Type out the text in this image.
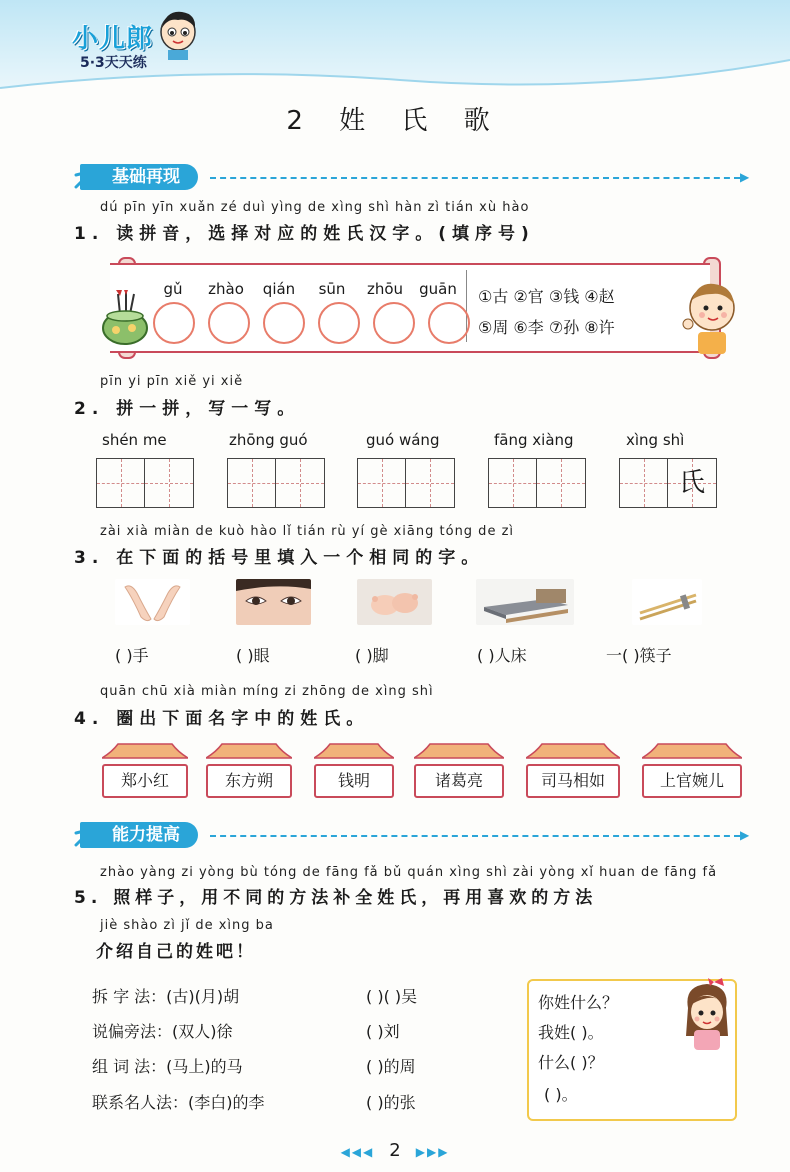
小儿郎
5·3天天练
2 姓 氏 歌
基础再现	▶
dú pīn yīn xuǎn zé duì yìng de xìng shì hàn zì tián xù hào
1. 读拼音，选择对应的姓氏汉字。(填序号)
gǔ	zhào	qián	sūn	zhōu	guān	①古 ②官 ③钱 ④赵
⑤周 ⑥李 ⑦孙 ⑧许
pīn yi pīn xiě yi xiě
2. 拼一拼，写一写。
shén me	zhōng guó	guó wáng	fāng xiàng	xìng shì
氏
zài xià miàn de kuò hào lǐ tián rù yí gè xiāng tóng de zì
3. 在下面的括号里填入一个相同的字。
( )手	( )眼	( )脚	( )人床	一( )筷子
quān chū xià miàn míng zi zhōng de xìng shì
4. 圈出下面名字中的姓氏。
郑小红	东方朔	钱明	诸葛亮	司马相如	上官婉儿
能力提高	▶
zhào yàng zi yòng bù tóng de fāng fǎ bǔ quán xìng shì zài yòng xǐ huan de fāng fǎ
5. 照样子，用不同的方法补全姓氏，再用喜欢的方法
jiè shào zì jǐ de xìng ba
介绍自己的姓吧！
拆 字 法：(古)(月)胡	( )( )吴
说偏旁法：(双人)徐	( )刘
组 词 法：(马上)的马	( )的周
联系名人法：(李白)的李	( )的张
你姓什么？
我姓( )。
什么( )？
( )。
◀◀◀ 2 ▶▶▶
